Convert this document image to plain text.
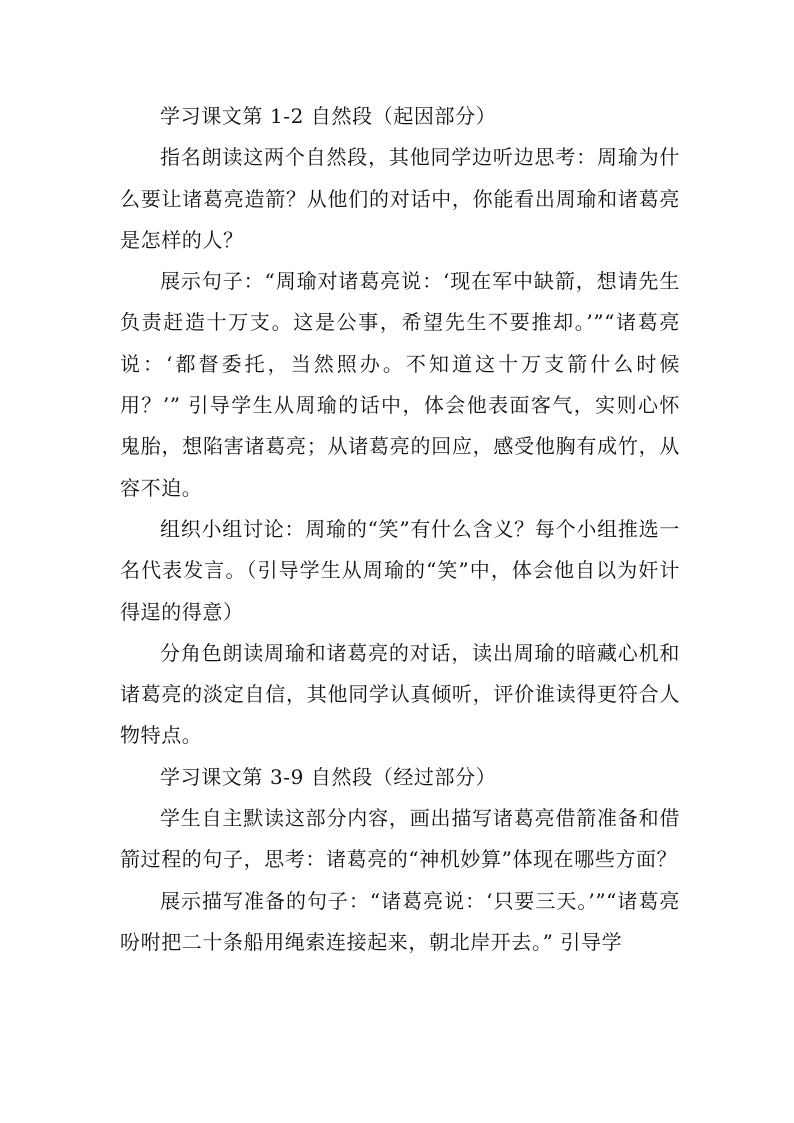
学习课文第 1-2 自然段（起因部分）

指名朗读这两个自然段，其他同学边听边思考：周瑜为什么要让诸葛亮造箭？从他们的对话中，你能看出周瑜和诸葛亮是怎样的人？

展示句子：“周瑜对诸葛亮说：‘现在军中缺箭，想请先生负责赶造十万支。这是公事，希望先生不要推却。’”“诸葛亮说：‘都督委托，当然照办。不知道这十万支箭什么时候用？’” 引导学生从周瑜的话中，体会他表面客气，实则心怀鬼胎，想陷害诸葛亮；从诸葛亮的回应，感受他胸有成竹，从容不迫。

组织小组讨论：周瑜的“笑”有什么含义？每个小组推选一名代表发言。（引导学生从周瑜的“笑”中，体会他自以为奸计得逞的得意）

分角色朗读周瑜和诸葛亮的对话，读出周瑜的暗藏心机和诸葛亮的淡定自信，其他同学认真倾听，评价谁读得更符合人物特点。

学习课文第 3-9 自然段（经过部分）

学生自主默读这部分内容，画出描写诸葛亮借箭准备和借箭过程的句子，思考：诸葛亮的“神机妙算”体现在哪些方面？

展示描写准备的句子：“诸葛亮说：‘只要三天。’”“诸葛亮吩咐把二十条船用绳索连接起来，朝北岸开去。” 引导学
